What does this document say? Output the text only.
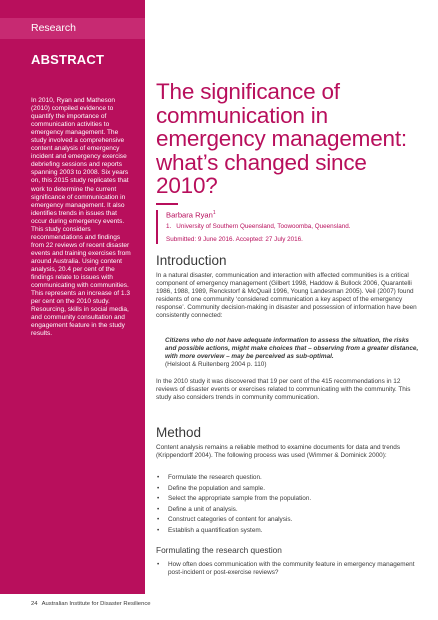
Research
ABSTRACT
In 2010, Ryan and Matheson (2010) compiled evidence to quantify the importance of communication activities to emergency management. The study involved a comprehensive content analysis of emergency incident and emergency exercise debriefing sessions and reports spanning 2003 to 2008. Six years on, this 2015 study replicates that work to determine the current significance of communication in emergency management. It also identifies trends in issues that occur during emergency events. This study considers recommendations and findings from 22 reviews of recent disaster events and training exercises from around Australia. Using content analysis, 20.4 per cent of the findings relate to issues with communicating with communities. This represents an increase of 1.3 per cent on the 2010 study. Resourcing, skills in social media, and community consultation and engagement feature in the study results.
The significance of communication in emergency management: what’s changed since 2010?
Barbara Ryan$^1$
1. University of Southern Queensland, Toowoomba, Queensland.
Submitted: 9 June 2016. Accepted: 27 July 2016.
Introduction

In a natural disaster, communication and interaction with affected communities is a critical component of emergency management (Gilbert 1998, Haddow & Bullock 2006, Quarantelli 1986, 1988, 1989, Renckstorf & McQuail 1996, Young Landesman 2005). Veil (2007) found residents of one community ‘considered communication a key aspect of the emergency response’. Community decision-making in disaster and possession of information have been consistently connected:

Citizens who do not have adequate information to assess the situation, the risks and possible actions, might make choices that – observing from a greater distance, with more overview – may be perceived as sub-optimal.
(Helsloot & Ruitenberg 2004 p. 110)

In the 2010 study it was discovered that 19 per cent of the 415 recommendations in 12 reviews of disaster events or exercises related to communicating with the community. This study also considers trends in community communication.

Method

Content analysis remains a reliable method to examine documents for data and trends (Krippendorff 2004). The following process was used (Wimmer & Dominick 2000):

• Formulate the research question.
• Define the population and sample.
• Select the appropriate sample from the population.
• Define a unit of analysis.
• Construct categories of content for analysis.
• Establish a quantification system.
Formulating the research question
• How often does communication with the community feature in emergency management post-incident or post-exercise reviews?
24 Australian Institute for Disaster Resilience
